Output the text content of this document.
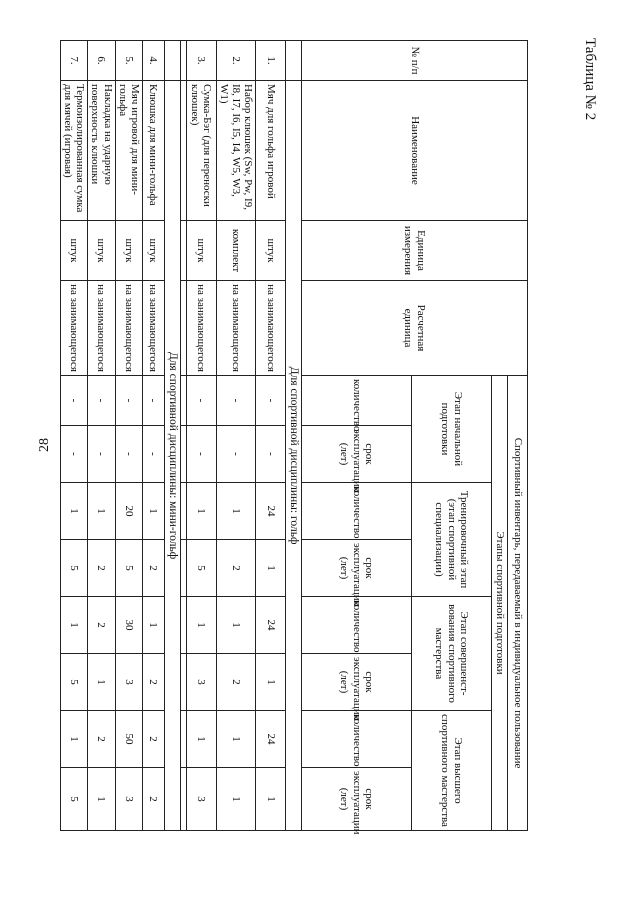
28
Таблица № 2
№ п/п	Наименование	Единица измерения	Расчетная единица	Спортивный инвентарь, передаваемый в индивидуальное пользование							
				Этапы спортивной подготовки							
				Этап начальной подготовки		Тренировочный этап (этап спортивной специализации)		Этап совершенст-вования спортивного мастерства		Этап высшего спортивного мастерства	
				количество	срок эксплуатации (лет)	количество	срок эксплуатации (лет)	количество	срок эксплуатации (лет)	количество	срок эксплуатации (лет)
	Для спортивной дисциплины: гольф										
1.	Мяч для гольфа игровой	штук	на занимающегося	-	-	24	1	24	1	24	1
2.	Набор клюшек (Sw, Pw, I9, I8, I7, I6, I5, I4, W5, W3, W1)	комплект	на занимающегося	-	-	1	2	1	2	1	1
3.	Сумка-Бэг (для переноски клюшек)	штук	на занимающегося	-	-	1	5	1	3	1	3

	Для спортивной дисциплины: мини-гольф										
4.	Клюшка для мини-гольфа	штук	на занимающегося	-	-	1	2	1	2	2	2
5.	Мяч игровой для мини-гольфа	штук	на занимающегося	-	-	20	5	30	3	50	3
6.	Накладка на ударную поверхность клюшки	штук	на занимающегося	-	-	1	2	2	1	2	1
7.	Термоизолированная сумка для мячей (игровая)	штук	на занимающегося	-	-	1	5	1	5	1	5
